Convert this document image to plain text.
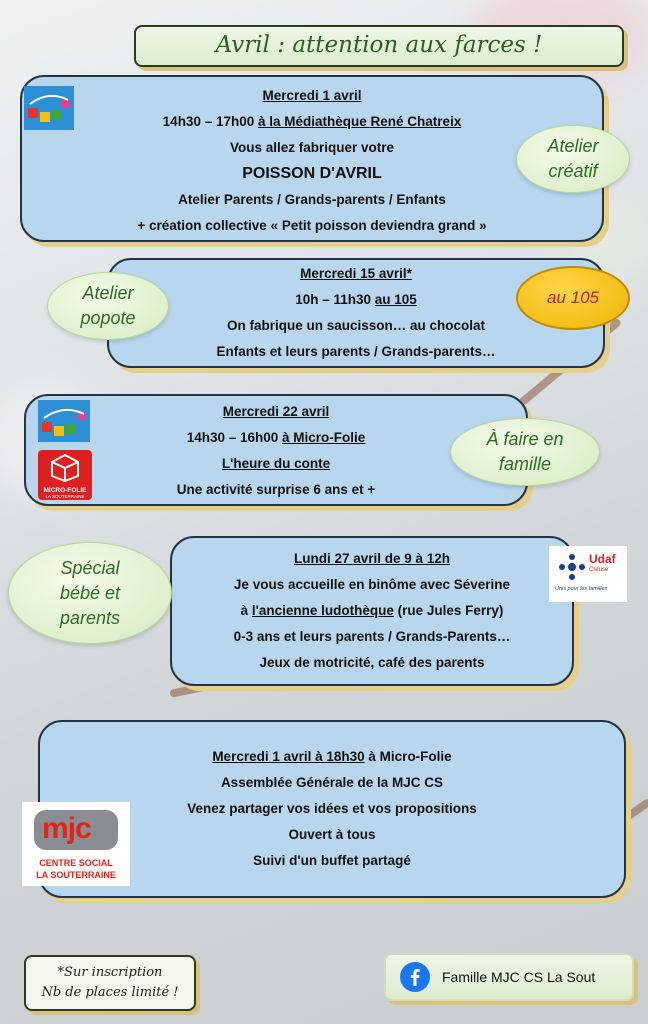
Avril : attention aux farces !
Mercredi 1 avril
14h30 – 17h00 à la Médiathèque René Chatreix
Vous allez fabriquer votre
POISSON D'AVRIL
Atelier Parents / Grands-parents / Enfants
+ création collective « Petit poisson deviendra grand »
Atelier
créatif
Mercredi 15 avril*
10h – 11h30 au 105
On fabrique un saucisson… au chocolat
Enfants et leurs parents / Grands-parents…
Atelier
popote
au 105
Mercredi 22 avril
14h30 – 16h00 à Micro-Folie
L'heure du conte
Une activité surprise 6 ans et +
MICRO-FOLIE
LA SOUTERRAINE
À faire en
famille
Lundi 27 avril de 9 à 12h
Je vous accueille en binôme avec Séverine
à l'ancienne ludothèque (rue Jules Ferry)
0-3 ans et leurs parents / Grands-Parents…
Jeux de motricité, café des parents
Spécial
bébé et
parents
Udaf
Creuse
Unis pour les familles
Mercredi 1 avril à 18h30 à Micro-Folie
Assemblée Générale de la MJC CS
Venez partager vos idées et vos propositions
Ouvert à tous
Suivi d'un buffet partagé
mjc
CENTRE SOCIAL
LA SOUTERRAINE
*Sur inscription
Nb de places limité !
Famille MJC CS La Sout
